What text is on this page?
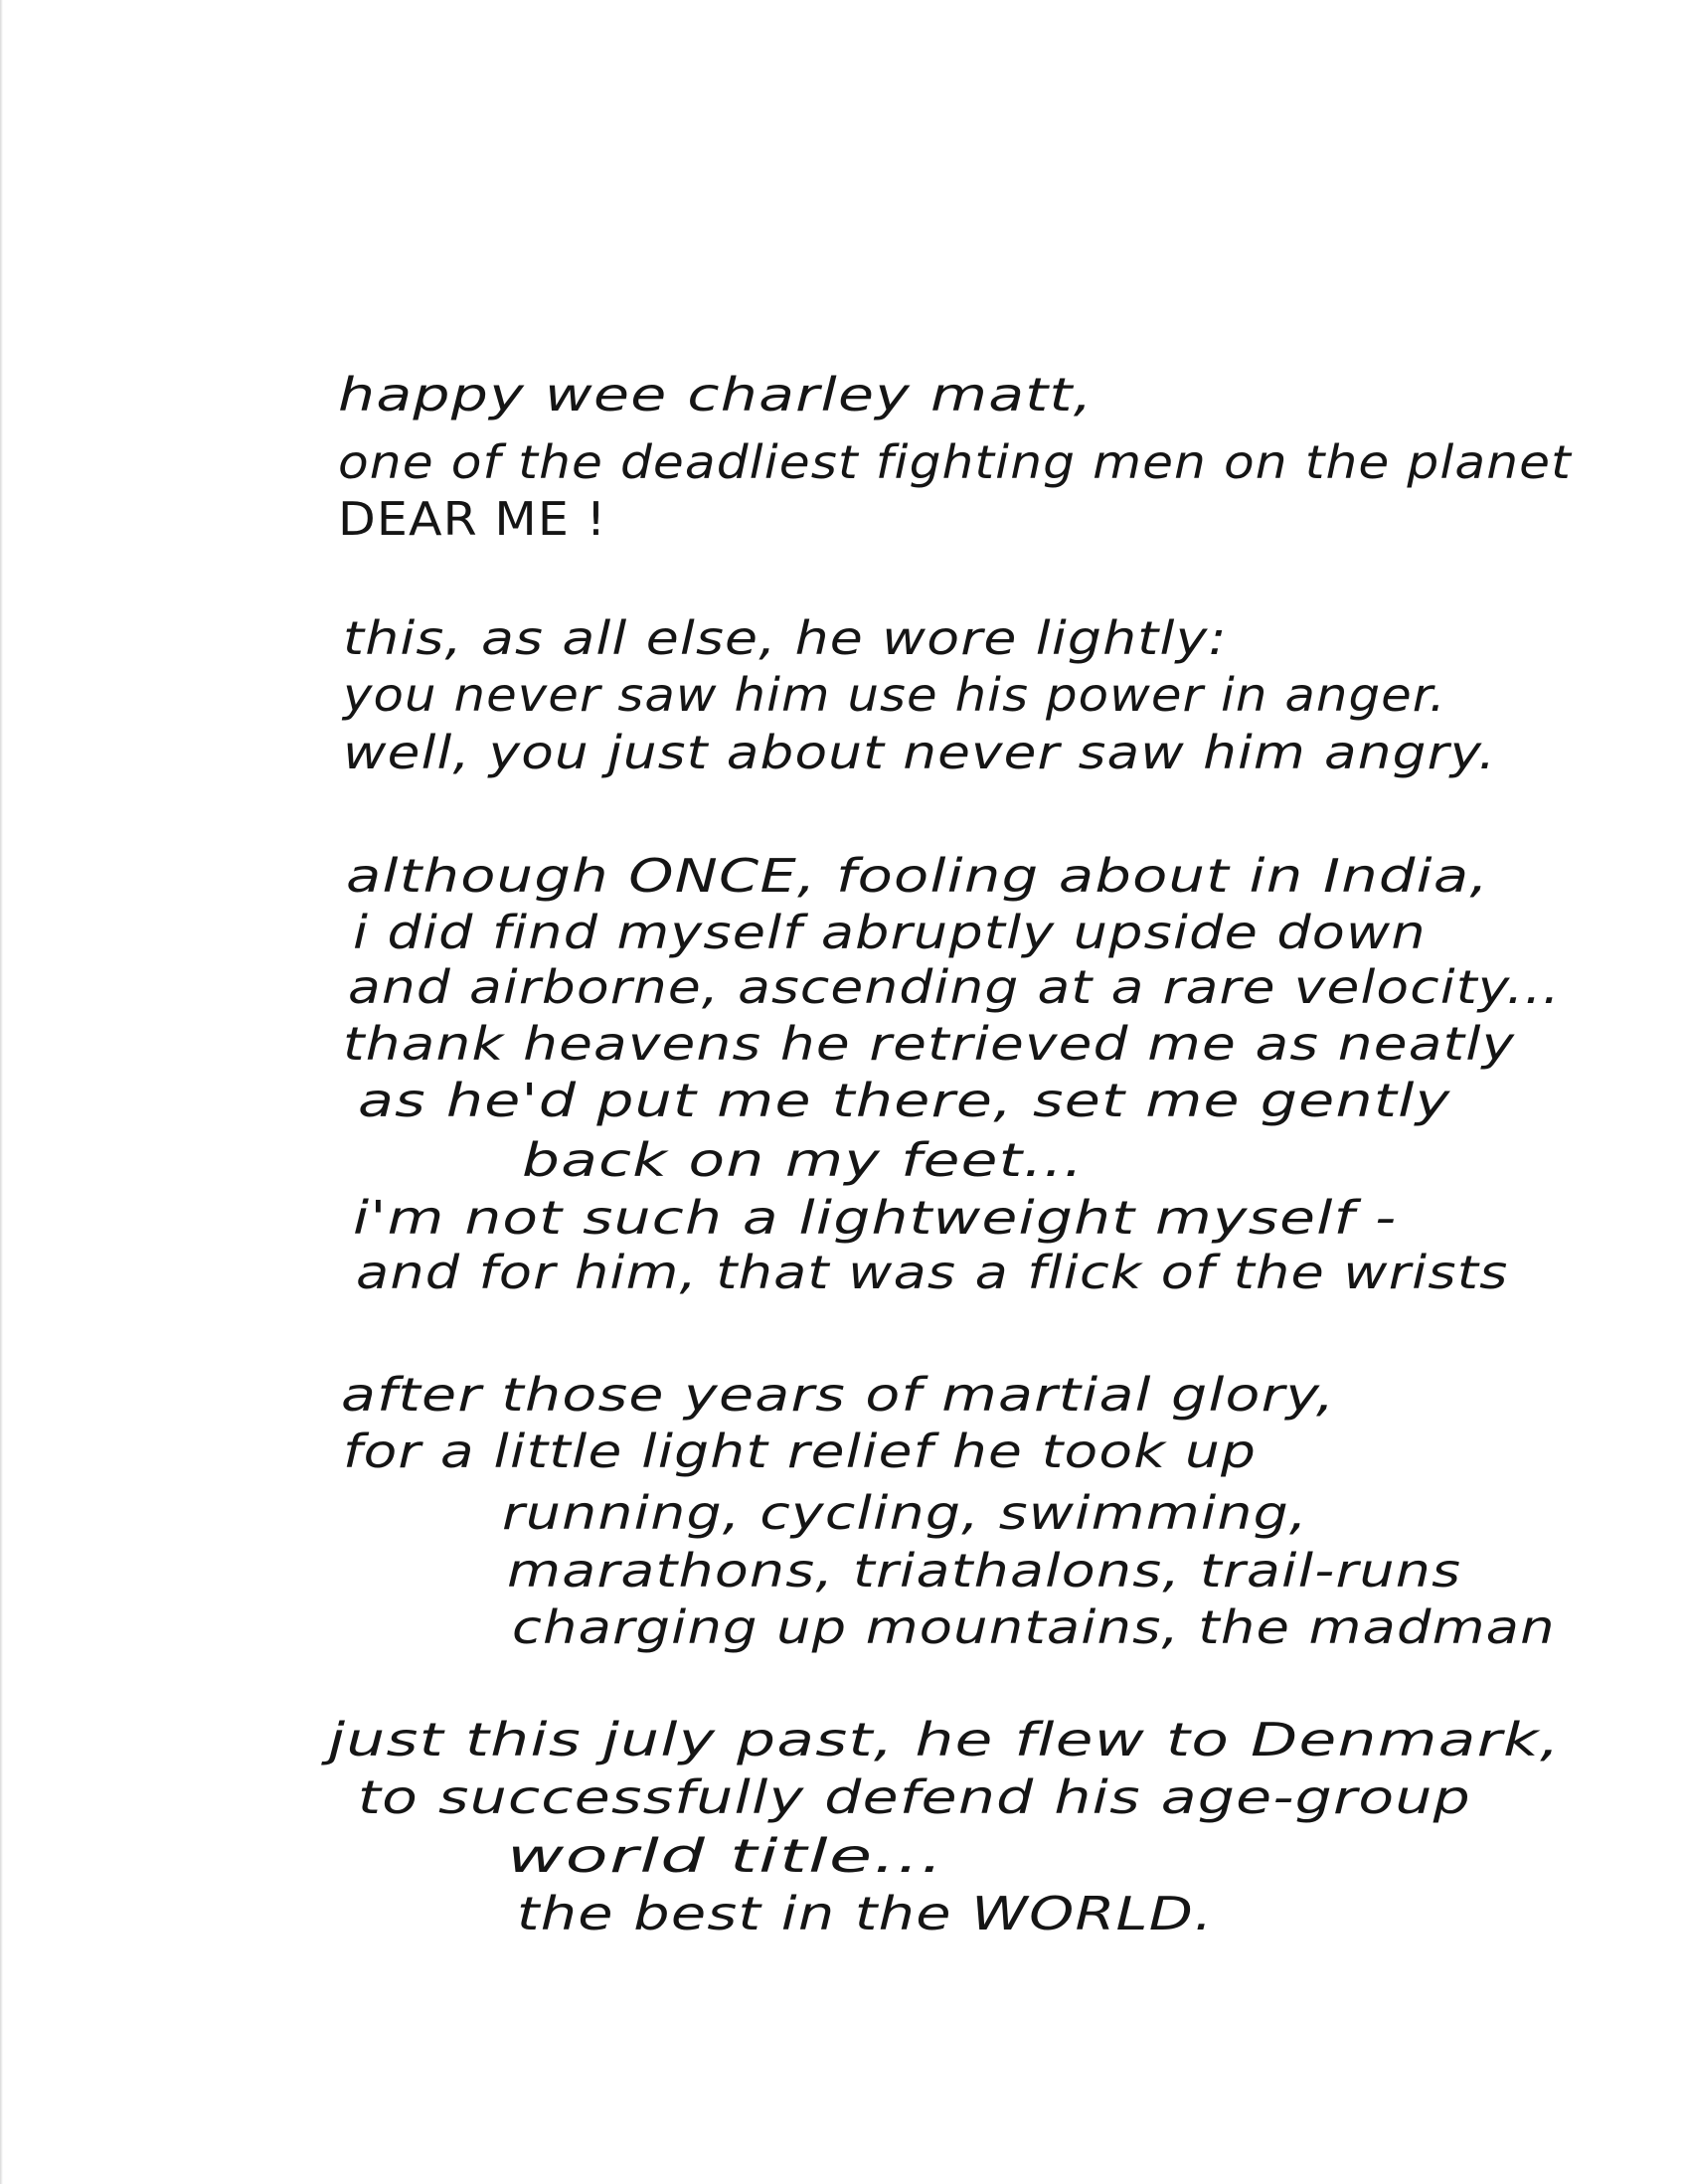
happy wee charley matt,
one of the deadliest fighting men on the planet
DEAR ME !
this, as all else, he wore lightly:
you never saw him use his power in anger.
well, you just about never saw him angry.
although ONCE, fooling about in India,
i did find myself abruptly upside down
and airborne, ascending at a rare velocity...
thank heavens he retrieved me as neatly
as he'd put me there, set me gently
back on my feet...
i'm not such a lightweight myself -
and for him, that was a flick of the wrists
after those years of martial glory,
for a little light relief he took up
running, cycling, swimming,
marathons, triathalons, trail-runs
charging up mountains, the madman
just this july past, he flew to Denmark,
to successfully defend his age-group
world title...
the best in the WORLD.
